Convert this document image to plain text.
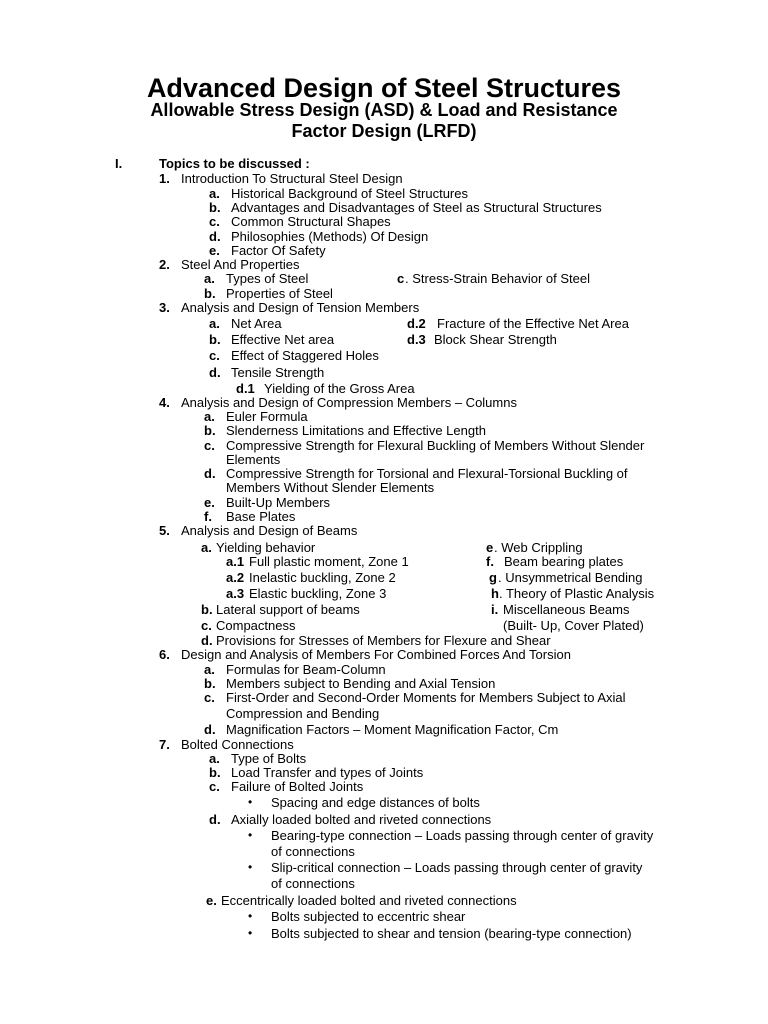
Advanced Design of Steel Structures
Allowable Stress Design (ASD) & Load and Resistance
Factor Design (LRFD)
I.	Topics to be discussed :
1. Introduction To Structural Steel Design
a. Historical Background of Steel Structures
b. Advantages and Disadvantages of Steel as Structural Structures
c. Common Structural Shapes
d. Philosophies (Methods) Of Design
e. Factor Of Safety
2. Steel And Properties
a. Types of Steel	c . Stress-Strain Behavior of Steel
b. Properties of Steel
3. Analysis and Design of Tension Members
a. Net Area	d.2 Fracture of the Effective Net Area
b. Effective Net area	d.3 Block Shear Strength
c. Effect of Staggered Holes
d. Tensile Strength
d.1 Yielding of the Gross Area
4. Analysis and Design of Compression Members – Columns
a. Euler Formula
b. Slenderness Limitations and Effective Length
c. Compressive Strength for Flexural Buckling of Members Without Slender
Elements
d. Compressive Strength for Torsional and Flexural-Torsional Buckling of
Members Without Slender Elements
e. Built-Up Members
f. Base Plates
5. Analysis and Design of Beams
a. Yielding behavior	e . Web Crippling
a.1 Full plastic moment, Zone 1	f. Beam bearing plates
a.2 Inelastic buckling, Zone 2	g . Unsymmetrical Bending
a.3 Elastic buckling, Zone 3	h . Theory of Plastic Analysis
b. Lateral support of beams	i. Miscellaneous Beams
c. Compactness	(Built- Up, Cover Plated)
d. Provisions for Stresses of Members for Flexure and Shear
6. Design and Analysis of Members For Combined Forces And Torsion
a. Formulas for Beam-Column
b. Members subject to Bending and Axial Tension
c. First-Order and Second-Order Moments for Members Subject to Axial
Compression and Bending
d. Magnification Factors – Moment Magnification Factor, Cm
7. Bolted Connections
a. Type of Bolts
b. Load Transfer and types of Joints
c. Failure of Bolted Joints
• Spacing and edge distances of bolts
d. Axially loaded bolted and riveted connections
• Bearing-type connection – Loads passing through center of gravity
of connections
• Slip-critical connection – Loads passing through center of gravity
of connections
e. Eccentrically loaded bolted and riveted connections
• Bolts subjected to eccentric shear
• Bolts subjected to shear and tension (bearing-type connection)
